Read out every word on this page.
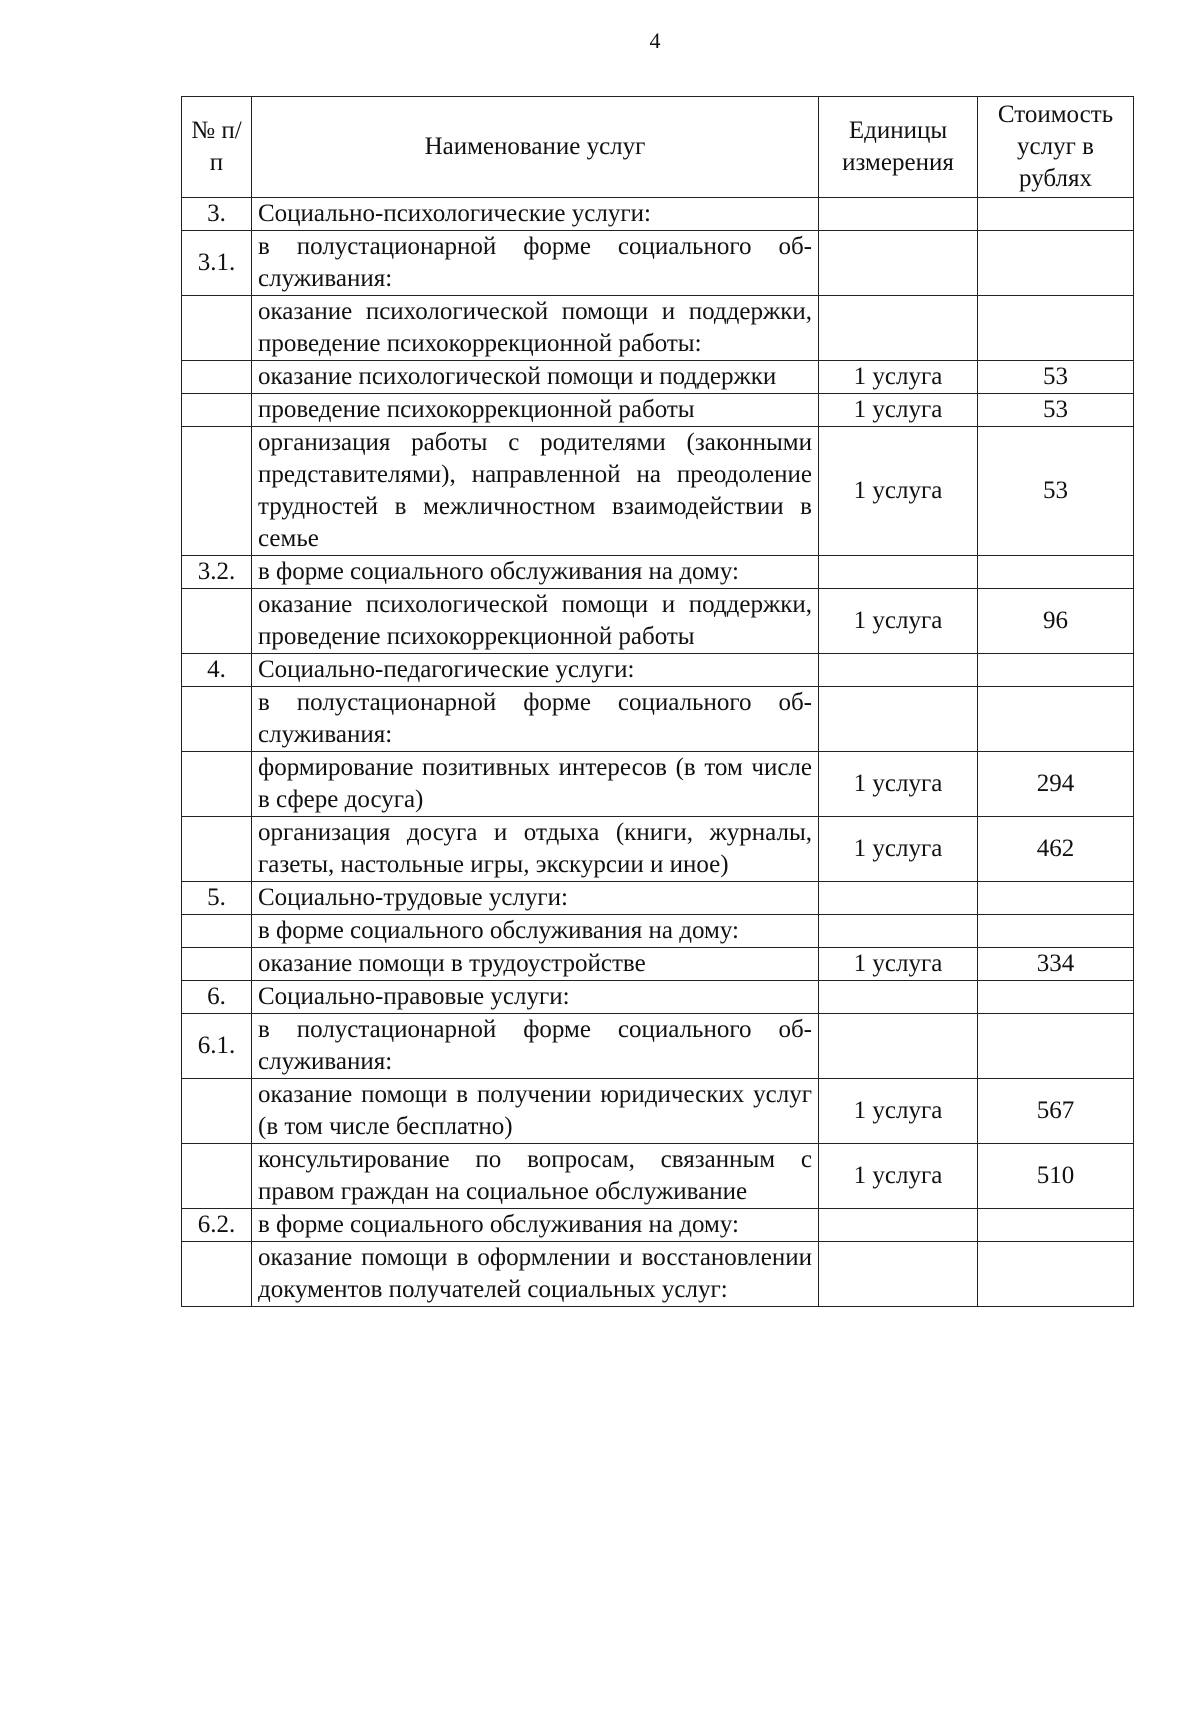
4
№ п/п	Наименование услуг	Единицы измерения	Стоимость услуг в рублях
3.	Социально-психологические услуги:		
3.1.	в полустационарной форме социального обслуживания:		
	оказание психологической помощи и поддержки, проведение психокоррекционной работы:		
	оказание психологической помощи и поддержки	1 услуга	53
	проведение психокоррекционной работы	1 услуга	53
	организация работы с родителями (законными представителями), направленной на преодоление трудностей в межличностном взаимодействии в семье	1 услуга	53
3.2.	в форме социального обслуживания на дому:		
	оказание психологической помощи и поддержки, проведение психокоррекционной работы	1 услуга	96
4.	Социально-педагогические услуги:		
	в полустационарной форме социального обслуживания:		
	формирование позитивных интересов (в том числе в сфере досуга)	1 услуга	294
	организация досуга и отдыха (книги, журналы, газеты, настольные игры, экскурсии и иное)	1 услуга	462
5.	Социально-трудовые услуги:		
	в форме социального обслуживания на дому:		
	оказание помощи в трудоустройстве	1 услуга	334
6.	Социально-правовые услуги:		
6.1.	в полустационарной форме социального обслуживания:		
	оказание помощи в получении юридических услуг (в том числе бесплатно)	1 услуга	567
	консультирование по вопросам, связанным с правом граждан на социальное обслуживание	1 услуга	510
6.2.	в форме социального обслуживания на дому:		
	оказание помощи в оформлении и восстановлении документов получателей социальных услуг:		
